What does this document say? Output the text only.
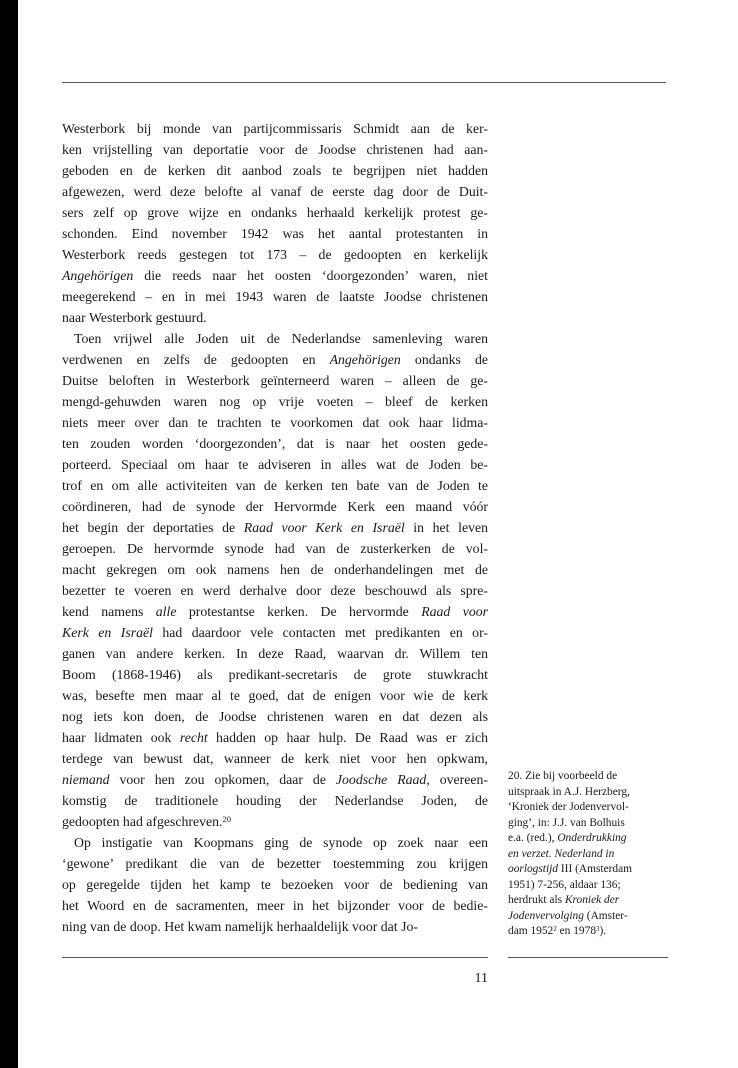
Westerbork bij monde van partijcommissaris Schmidt aan de ker-

ken vrijstelling van deportatie voor de Joodse christenen had aan-

geboden en de kerken dit aanbod zoals te begrijpen niet hadden

afgewezen, werd deze belofte al vanaf de eerste dag door de Duit-

sers zelf op grove wijze en ondanks herhaald kerkelijk protest ge-

schonden. Eind november 1942 was het aantal protestanten in

Westerbork reeds gestegen tot 173 – de gedoopten en kerkelijk

Angehörigen die reeds naar het oosten ‘doorgezonden’ waren, niet

meegerekend – en in mei 1943 waren de laatste Joodse christenen

naar Westerbork gestuurd.

Toen vrijwel alle Joden uit de Nederlandse samenleving waren

verdwenen en zelfs de gedoopten en Angehörigen ondanks de

Duitse beloften in Westerbork geïnterneerd waren – alleen de ge-

mengd-gehuwden waren nog op vrije voeten – bleef de kerken

niets meer over dan te trachten te voorkomen dat ook haar lidma-

ten zouden worden ‘doorgezonden’, dat is naar het oosten gede-

porteerd. Speciaal om haar te adviseren in alles wat de Joden be-

trof en om alle activiteiten van de kerken ten bate van de Joden te

coördineren, had de synode der Hervormde Kerk een maand vóór

het begin der deportaties de Raad voor Kerk en Israël in het leven

geroepen. De hervormde synode had van de zusterkerken de vol-

macht gekregen om ook namens hen de onderhandelingen met de

bezetter te voeren en werd derhalve door deze beschouwd als spre-

kend namens alle protestantse kerken. De hervormde Raad voor

Kerk en Israël had daardoor vele contacten met predikanten en or-

ganen van andere kerken. In deze Raad, waarvan dr. Willem ten

Boom (1868-1946) als predikant-secretaris de grote stuwkracht

was, besefte men maar al te goed, dat de enigen voor wie de kerk

nog iets kon doen, de Joodse christenen waren en dat dezen als

haar lidmaten ook recht hadden op haar hulp. De Raad was er zich

terdege van bewust dat, wanneer de kerk niet voor hen opkwam,

niemand voor hen zou opkomen, daar de Joodsche Raad, overeen-

komstig de traditionele houding der Nederlandse Joden, de

gedoopten had afgeschreven.$^{20}$

Op instigatie van Koopmans ging de synode op zoek naar een

‘gewone’ predikant die van de bezetter toestemming zou krijgen

op geregelde tijden het kamp te bezoeken voor de bediening van

het Woord en de sacramenten, meer in het bijzonder voor de bedie-

ning van de doop. Het kwam namelijk herhaaldelijk voor dat Jo-

20. Zie bij voorbeeld de

uitspraak in A.J. Herzberg,

‘Kroniek der Jodenvervol-

ging’, in: J.J. van Bolhuis

e.a. (red.), Onderdrukking

en verzet. Nederland in

oorlogstijd III (Amsterdam

1951) 7-256, aldaar 136;

herdrukt als Kroniek der

Jodenvervolging (Amster-

dam 1952$^2$ en 1978$^3$).

11
